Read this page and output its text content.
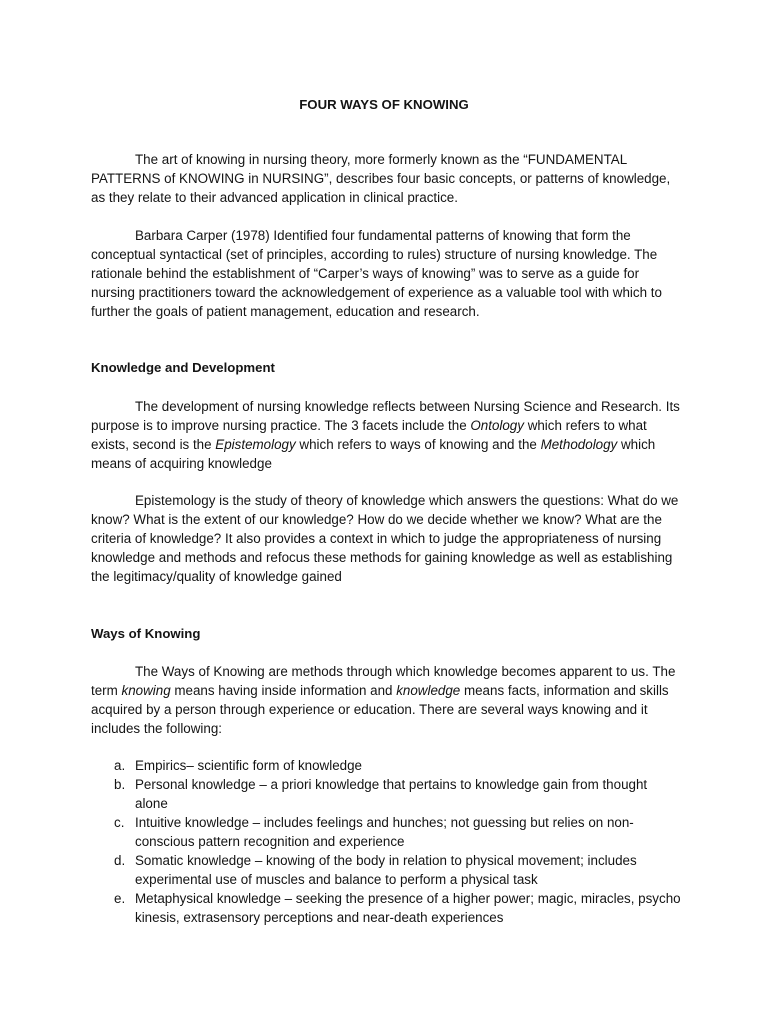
FOUR WAYS OF KNOWING

The art of knowing in nursing theory, more formerly known as the “FUNDAMENTAL PATTERNS of KNOWING in NURSING”, describes four basic concepts, or patterns of knowledge, as they relate to their advanced application in clinical practice.

Barbara Carper (1978) Identified four fundamental patterns of knowing that form the conceptual syntactical (set of principles, according to rules) structure of nursing knowledge. The rationale behind the establishment of “Carper’s ways of knowing” was to serve as a guide for nursing practitioners toward the acknowledgement of experience as a valuable tool with which to further the goals of patient management, education and research.

Knowledge and Development

The development of nursing knowledge reflects between Nursing Science and Research. Its purpose is to improve nursing practice. The 3 facets include the Ontology which refers to what exists, second is the Epistemology which refers to ways of knowing and the Methodology which means of acquiring knowledge

Epistemology is the study of theory of knowledge which answers the questions: What do we know? What is the extent of our knowledge? How do we decide whether we know? What are the criteria of knowledge? It also provides a context in which to judge the appropriateness of nursing knowledge and methods and refocus these methods for gaining knowledge as well as establishing the legitimacy/quality of knowledge gained

Ways of Knowing

The Ways of Knowing are methods through which knowledge becomes apparent to us. The term knowing means having inside information and knowledge means facts, information and skills acquired by a person through experience or education. There are several ways knowing and it includes the following:

a. Empirics– scientific form of knowledge
b. Personal knowledge – a priori knowledge that pertains to knowledge gain from thought alone
c. Intuitive knowledge – includes feelings and hunches; not guessing but relies on non-conscious pattern recognition and experience
d. Somatic knowledge – knowing of the body in relation to physical movement; includes experimental use of muscles and balance to perform a physical task
e. Metaphysical knowledge – seeking the presence of a higher power; magic, miracles, psycho kinesis, extrasensory perceptions and near-death experiences
